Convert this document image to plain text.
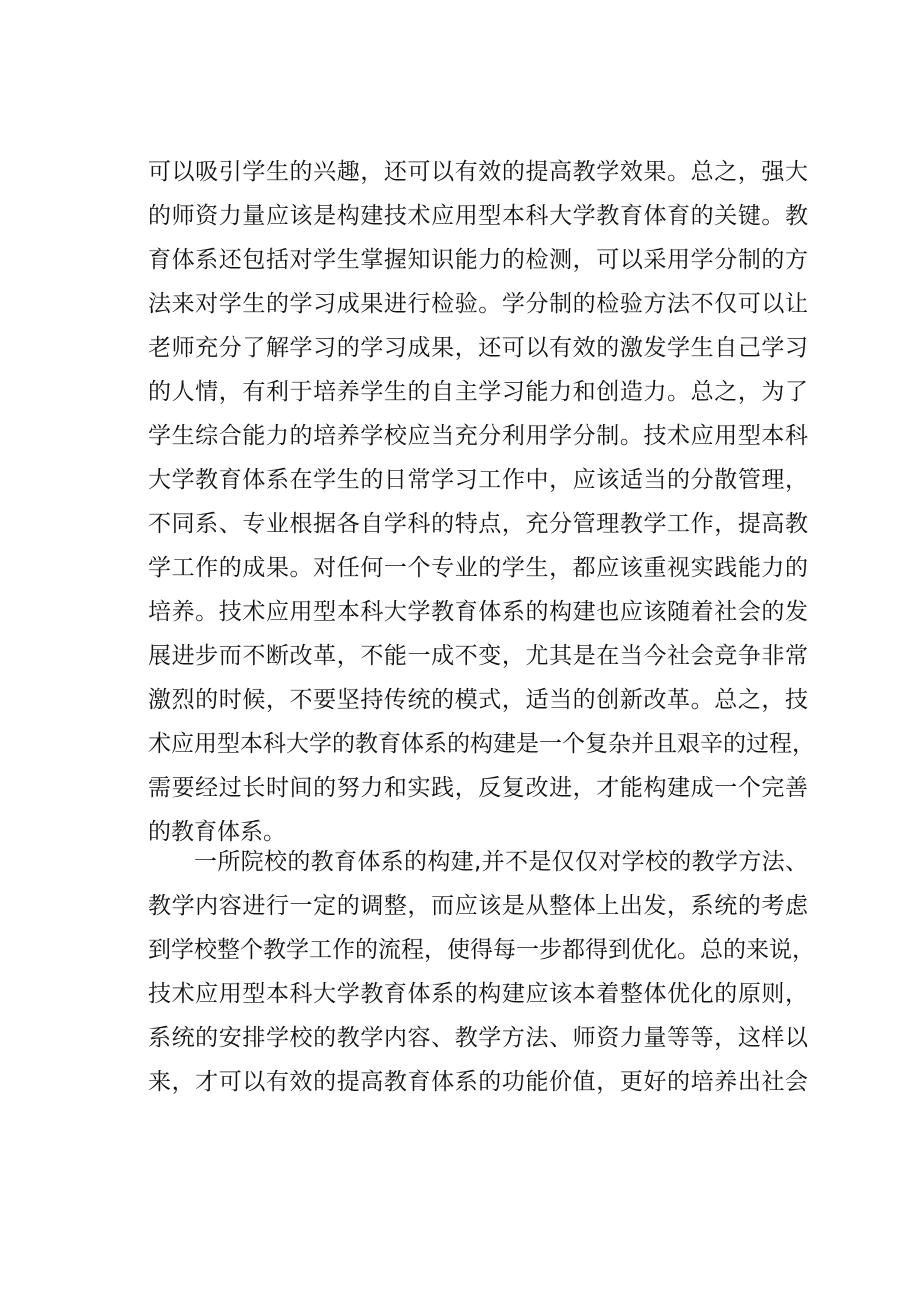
可以吸引学生的兴趣，还可以有效的提高教学效果。总之，强大
的师资力量应该是构建技术应用型本科大学教育体育的关键。教
育体系还包括对学生掌握知识能力的检测，可以采用学分制的方
法来对学生的学习成果进行检验。学分制的检验方法不仅可以让
老师充分了解学习的学习成果，还可以有效的激发学生自己学习
的人情，有利于培养学生的自主学习能力和创造力。总之，为了
学生综合能力的培养学校应当充分利用学分制。技术应用型本科
大学教育体系在学生的日常学习工作中，应该适当的分散管理，
不同系、专业根据各自学科的特点，充分管理教学工作，提高教
学工作的成果。对任何一个专业的学生，都应该重视实践能力的
培养。技术应用型本科大学教育体系的构建也应该随着社会的发
展进步而不断改革，不能一成不变，尤其是在当今社会竞争非常
激烈的时候，不要坚持传统的模式，适当的创新改革。总之，技
术应用型本科大学的教育体系的构建是一个复杂并且艰辛的过程，
需要经过长时间的努力和实践，反复改进，才能构建成一个完善
的教育体系。
一所院校的教育体系的构建,并不是仅仅对学校的教学方法、
教学内容进行一定的调整，而应该是从整体上出发，系统的考虑
到学校整个教学工作的流程，使得每一步都得到优化。总的来说，
技术应用型本科大学教育体系的构建应该本着整体优化的原则，
系统的安排学校的教学内容、教学方法、师资力量等等，这样以
来，才可以有效的提高教育体系的功能价值，更好的培养出社会
